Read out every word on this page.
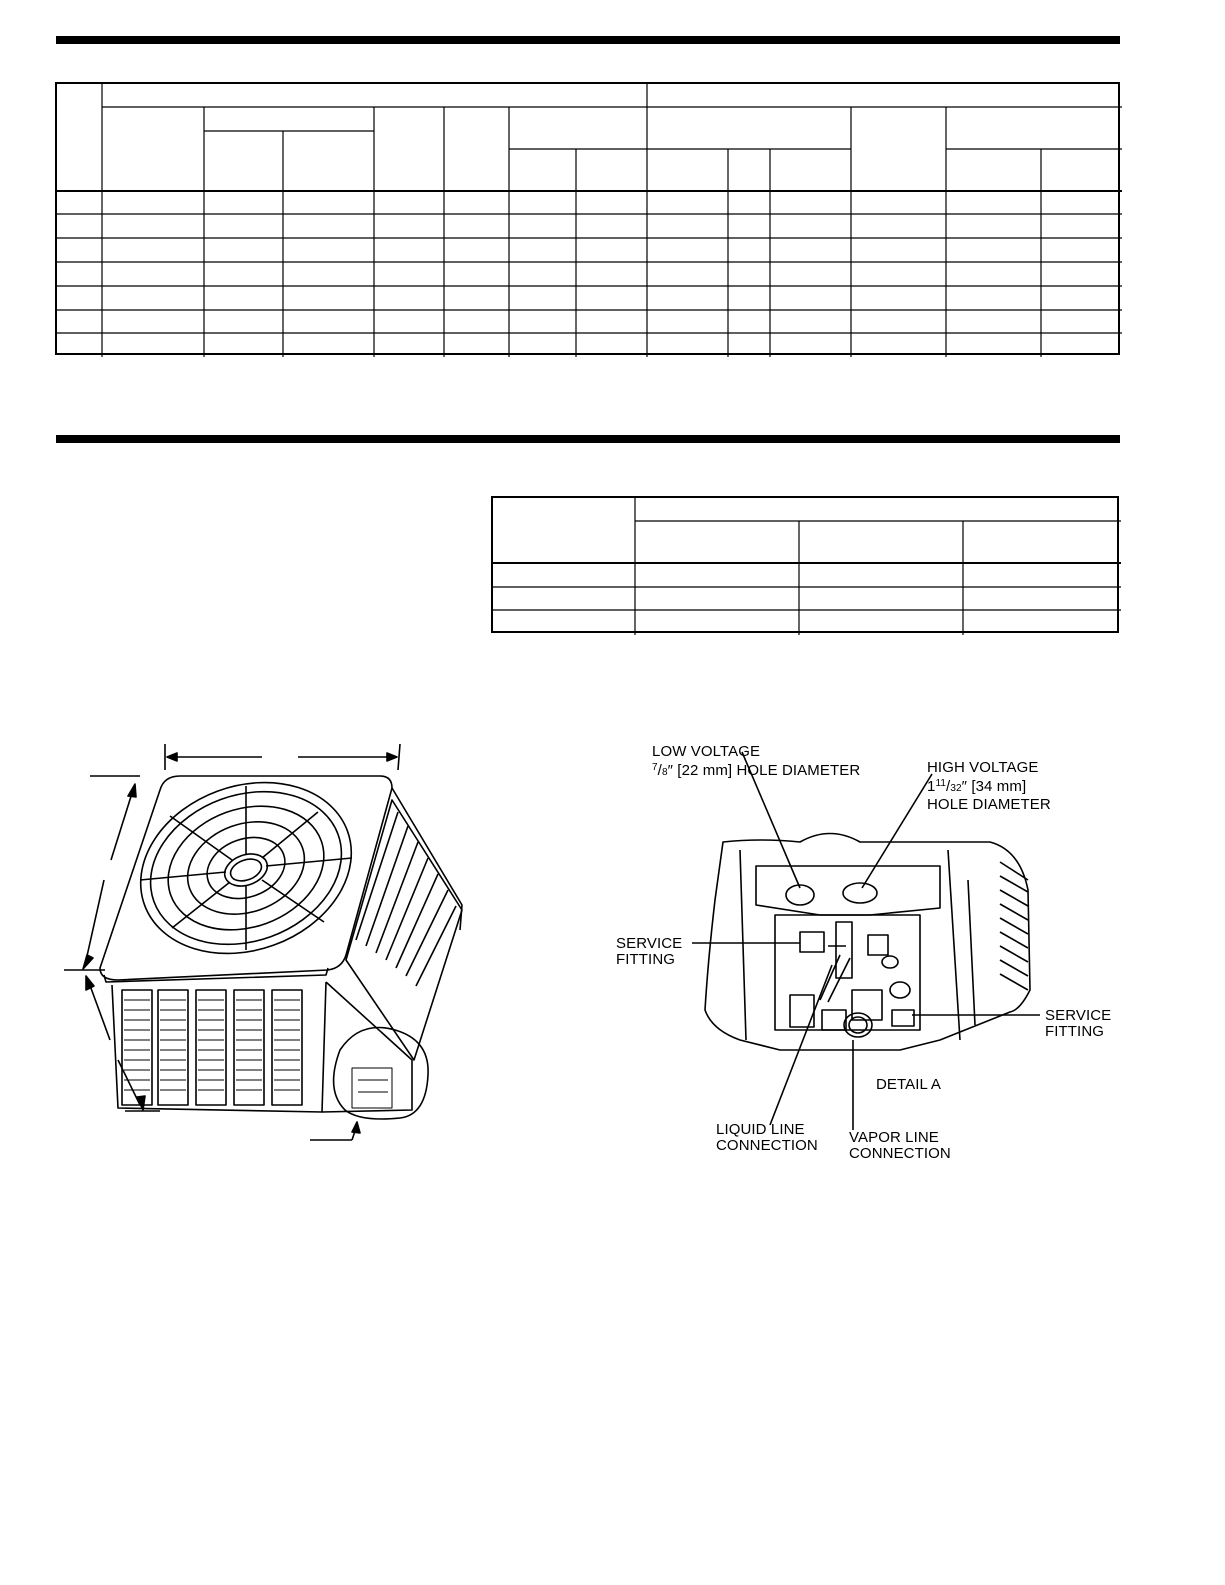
LOW VOLTAGE
$^7$/8″ [22 mm] HOLE DIAMETER	HIGH VOLTAGE
$1^{11}/32''$ [34 mm]
HOLE DIAMETER
SERVICE
FITTING
SERVICE
FITTING
DETAIL A
LIQUID LINE
CONNECTION VAPOR LINE
CONNECTION
